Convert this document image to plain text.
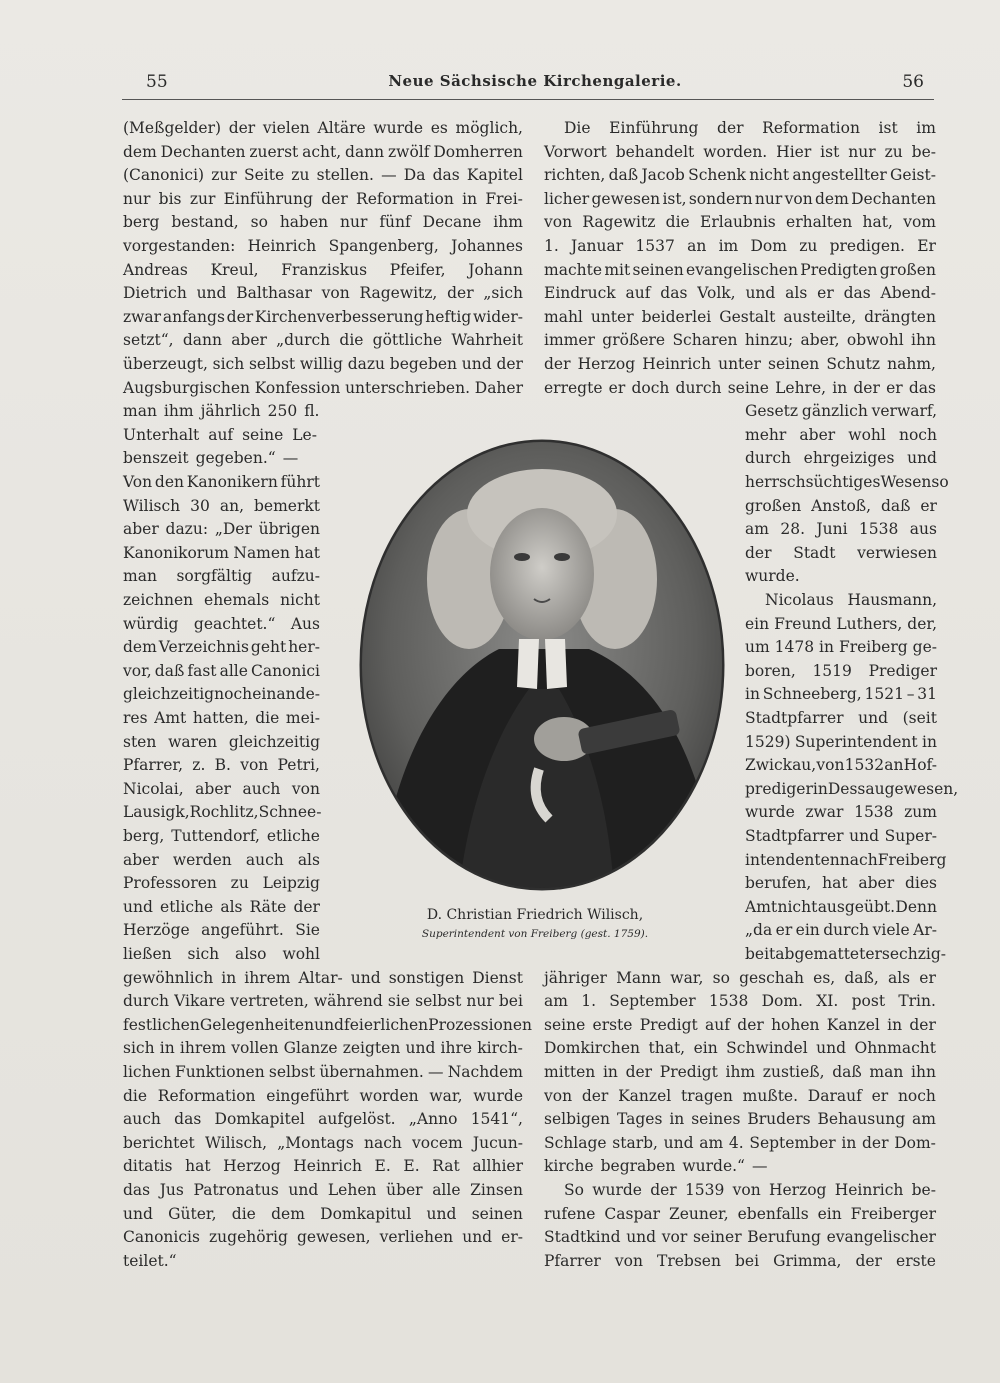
55	Neue Sächsische Kirchengalerie.	56
(Meßgelder) der vielen Altäre wurde es möglich,
dem Dechanten zuerst acht, dann zwölf Domherren
(Canonici) zur Seite zu stellen. — Da das Kapitel
nur bis zur Einführung der Reformation in Frei-
berg bestand, so haben nur fünf Decane ihm
vorgestanden: Heinrich Spangenberg, Johannes
Andreas Kreul, Franziskus Pfeifer, Johann
Dietrich und Balthasar von Ragewitz, der „sich
zwar anfangs der Kirchenverbesserung heftig wider-
setzt“, dann aber „durch die göttliche Wahrheit
überzeugt, sich selbst willig dazu begeben und der
Augsburgischen Konfession unterschrieben. Daher
man ihm jährlich 250 fl.
Unterhalt auf seine Le-
benszeit gegeben.“ —
Von den Kanonikern führt
Wilisch 30 an, bemerkt
aber dazu: „Der übrigen
Kanonikorum Namen hat
man sorgfältig aufzu-
zeichnen ehemals nicht
würdig geachtet.“ Aus
dem Verzeichnis geht her-
vor, daß fast alle Canonici
gleichzeitig noch ein ande-
res Amt hatten, die mei-
sten waren gleichzeitig
Pfarrer, z. B. von Petri,
Nicolai, aber auch von
Lausigk, Rochlitz, Schnee-
berg, Tuttendorf, etliche
aber werden auch als
Professoren zu Leipzig
und etliche als Räte der
Herzöge angeführt. Sie
ließen sich also wohl
gewöhnlich in ihrem Altar- und sonstigen Dienst
durch Vikare vertreten, während sie selbst nur bei
festlichen Gelegenheiten und feierlichen Prozessionen
sich in ihrem vollen Glanze zeigten und ihre kirch-
lichen Funktionen selbst übernahmen. — Nachdem
die Reformation eingeführt worden war, wurde
auch das Domkapitel aufgelöst. „Anno 1541“,
berichtet Wilisch, „Montags nach vocem Jucun-
ditatis hat Herzog Heinrich E. E. Rat allhier
das Jus Patronatus und Lehen über alle Zinsen
und Güter, die dem Domkapitul und seinen
Canonicis zugehörig gewesen, verliehen und er-
teilet.“
Die Einführung der Reformation ist im
Vorwort behandelt worden. Hier ist nur zu be-
richten, daß Jacob Schenk nicht angestellter Geist-
licher gewesen ist, sondern nur von dem Dechanten
von Ragewitz die Erlaubnis erhalten hat, vom
1. Januar 1537 an im Dom zu predigen. Er
machte mit seinen evangelischen Predigten großen
Eindruck auf das Volk, und als er das Abend-
mahl unter beiderlei Gestalt austeilte, drängten
immer größere Scharen hinzu; aber, obwohl ihn
der Herzog Heinrich unter seinen Schutz nahm,
erregte er doch durch seine Lehre, in der er das
Gesetz gänzlich verwarf,
mehr aber wohl noch
durch ehrgeiziges und
herrschsüchtiges Wesen so
großen Anstoß, daß er
am 28. Juni 1538 aus
der Stadt verwiesen
wurde.
Nicolaus Hausmann,
ein Freund Luthers, der,
um 1478 in Freiberg ge-
boren, 1519 Prediger
in Schneeberg, 1521 – 31
Stadtpfarrer und (seit
1529) Superintendent in
Zwickau, von 1532 an Hof-
prediger in Dessau gewesen,
wurde zwar 1538 zum
Stadtpfarrer und Super-
intendenten nach Freiberg
berufen, hat aber dies
Amt nicht ausgeübt. Denn
„da er ein durch viele Ar-
beit abgematteter sechzig-
jähriger Mann war, so geschah es, daß, als er
am 1. September 1538 Dom. XI. post Trin.
seine erste Predigt auf der hohen Kanzel in der
Domkirchen that, ein Schwindel und Ohnmacht
mitten in der Predigt ihm zustieß, daß man ihn
von der Kanzel tragen mußte. Darauf er noch
selbigen Tages in seines Bruders Behausung am
Schlage starb, und am 4. September in der Dom-
kirche begraben wurde.“ —
So wurde der 1539 von Herzog Heinrich be-
rufene Caspar Zeuner, ebenfalls ein Freiberger
Stadtkind und vor seiner Berufung evangelischer
Pfarrer von Trebsen bei Grimma, der erste
D. Christian Friedrich Wilisch,
Superintendent von Freiberg (gest. 1759).
